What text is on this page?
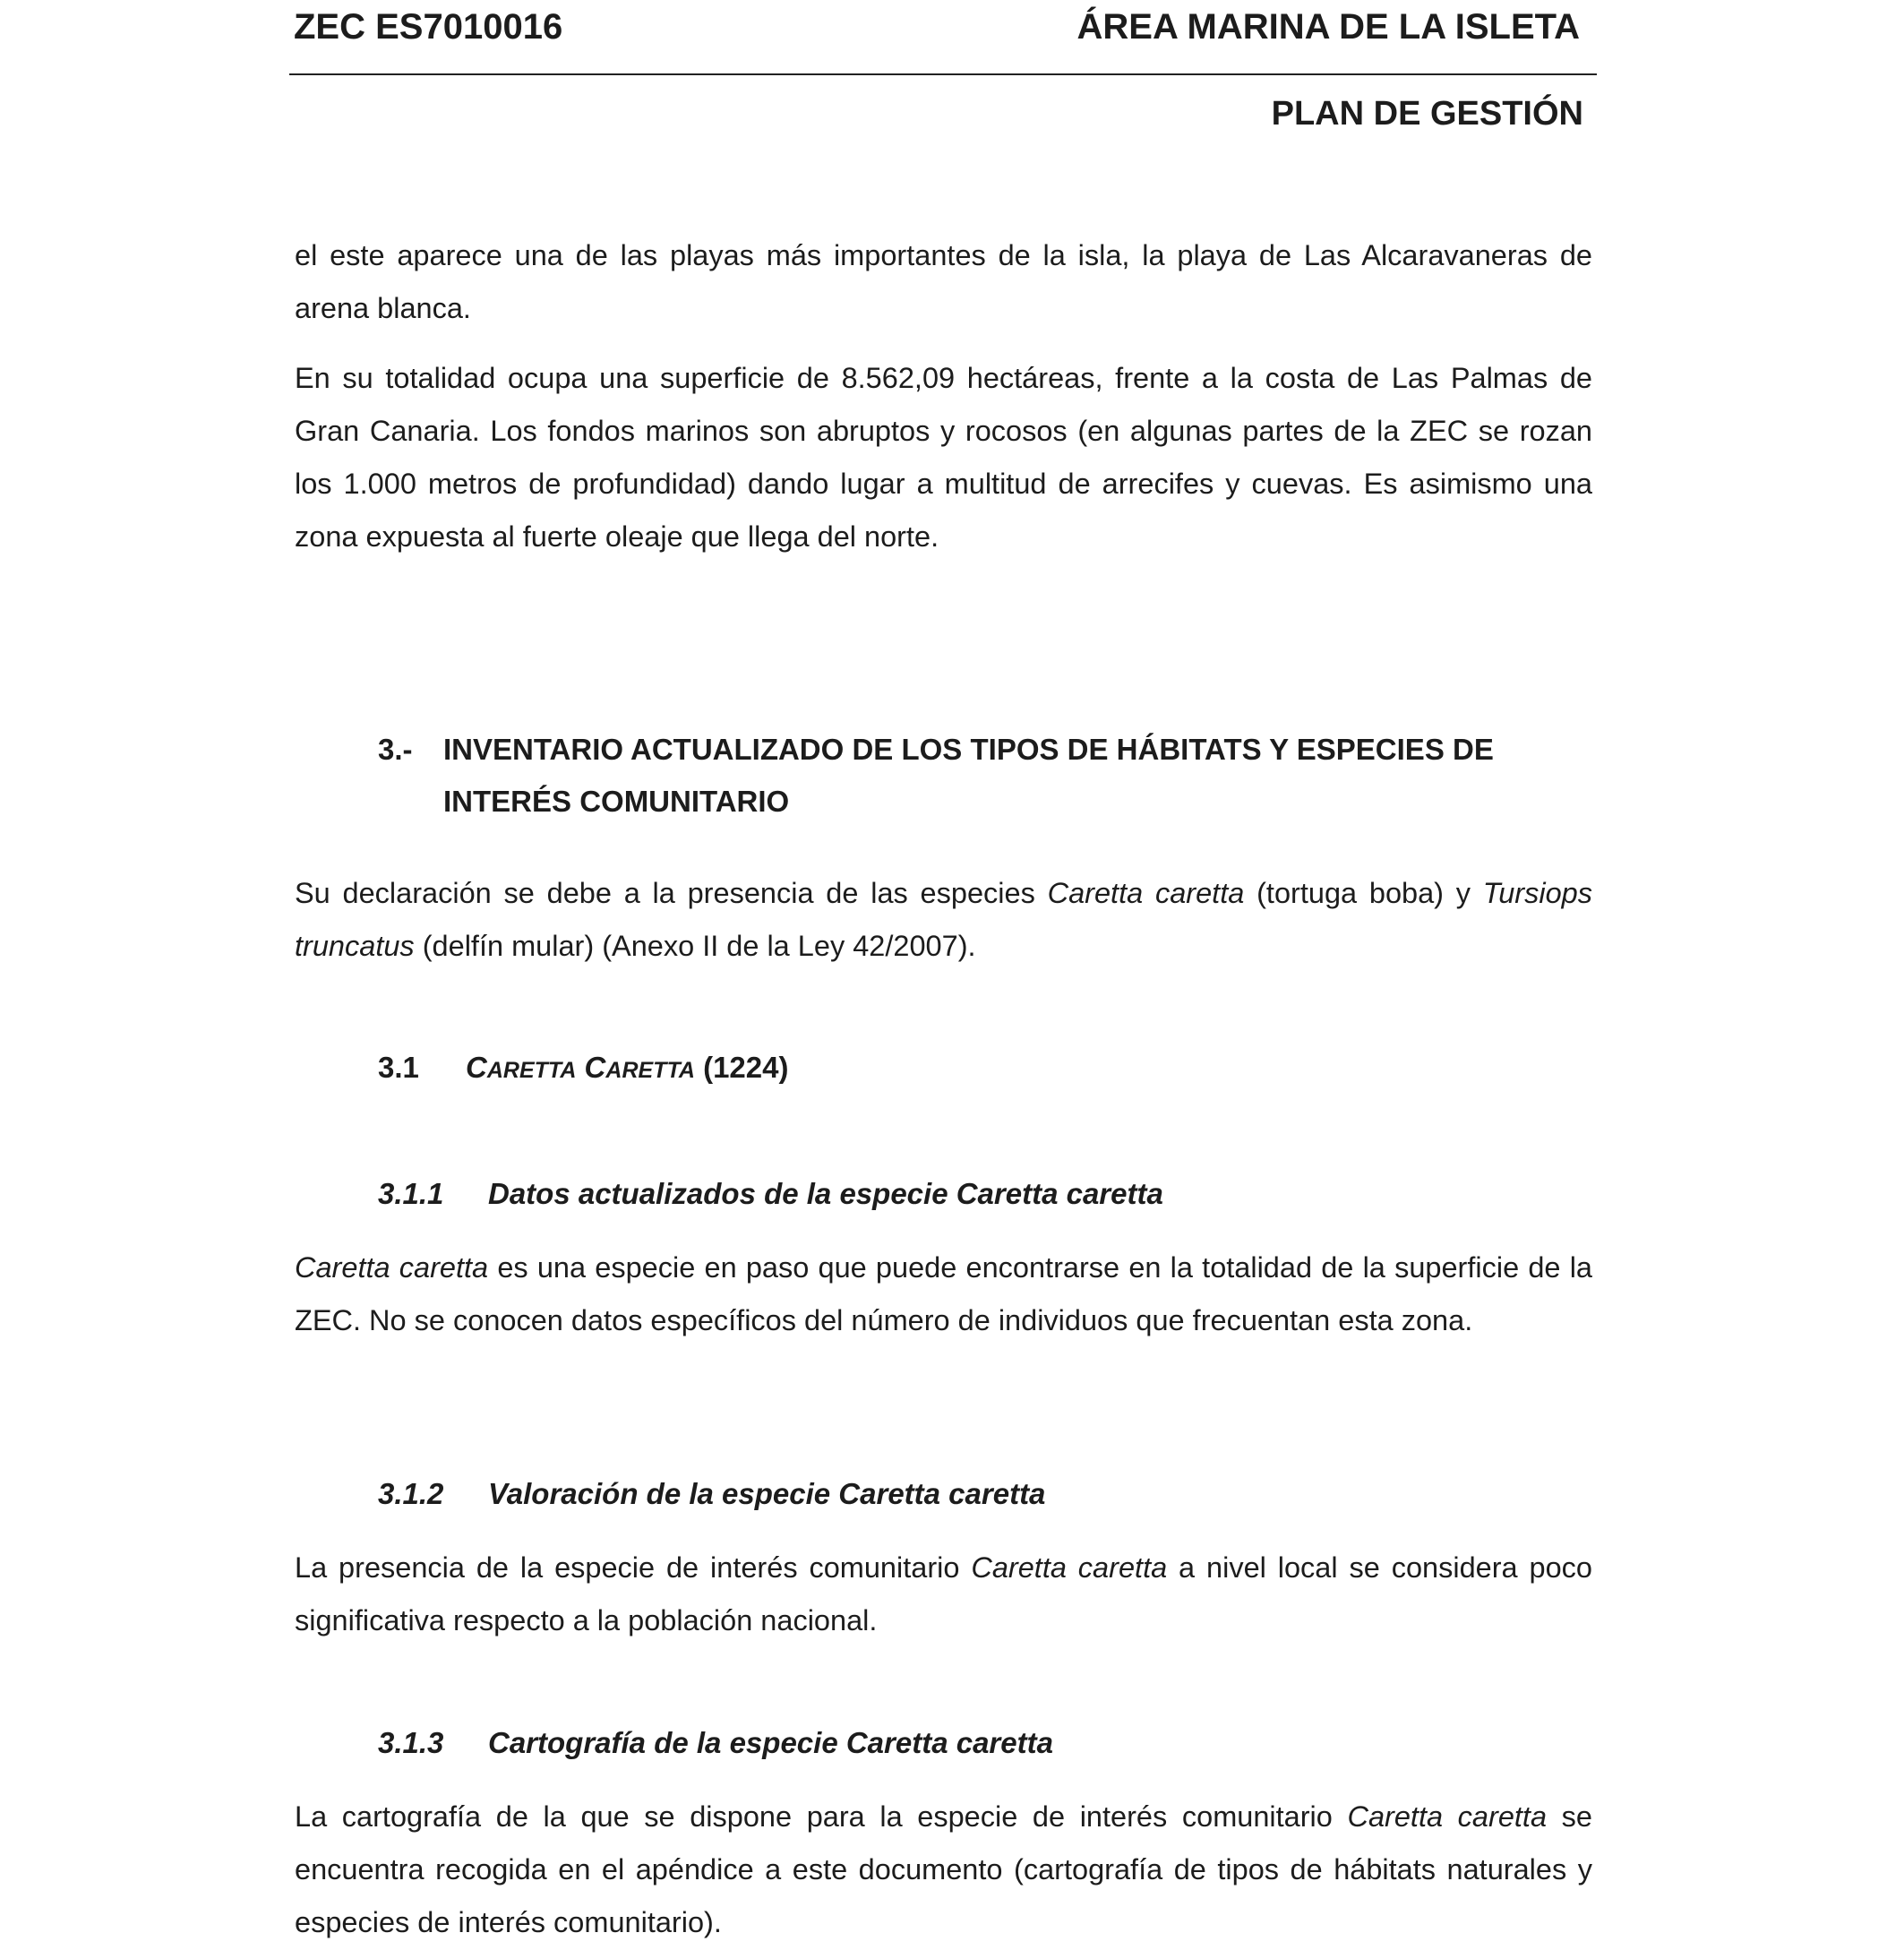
ZEC ES7010016	ÁREA MARINA DE LA ISLETA
PLAN DE GESTIÓN

el este aparece una de las playas más importantes de la isla, la playa de Las Alcaravaneras de arena blanca.

En su totalidad ocupa una superficie de 8.562,09 hectáreas, frente a la costa de Las Palmas de Gran Canaria. Los fondos marinos son abruptos y rocosos (en algunas partes de la ZEC se rozan los 1.000 metros de profundidad) dando lugar a multitud de arrecifes y cuevas. Es asimismo una zona expuesta al fuerte oleaje que llega del norte.

3.- INVENTARIO ACTUALIZADO DE LOS TIPOS DE HÁBITATS Y ESPECIES DE INTERÉS COMUNITARIO

Su declaración se debe a la presencia de las especies Caretta caretta (tortuga boba) y Tursiops truncatus (delfín mular) (Anexo II de la Ley 42/2007).

3.1 CARETTA CARETTA (1224)
3.1.1 Datos actualizados de la especie Caretta caretta

Caretta caretta es una especie en paso que puede encontrarse en la totalidad de la superficie de la ZEC. No se conocen datos específicos del número de individuos que frecuentan esta zona.

3.1.2 Valoración de la especie Caretta caretta

La presencia de la especie de interés comunitario Caretta caretta a nivel local se considera poco significativa respecto a la población nacional.

3.1.3 Cartografía de la especie Caretta caretta

La cartografía de la que se dispone para la especie de interés comunitario Caretta caretta se encuentra recogida en el apéndice a este documento (cartografía de tipos de hábitats naturales y especies de interés comunitario).
